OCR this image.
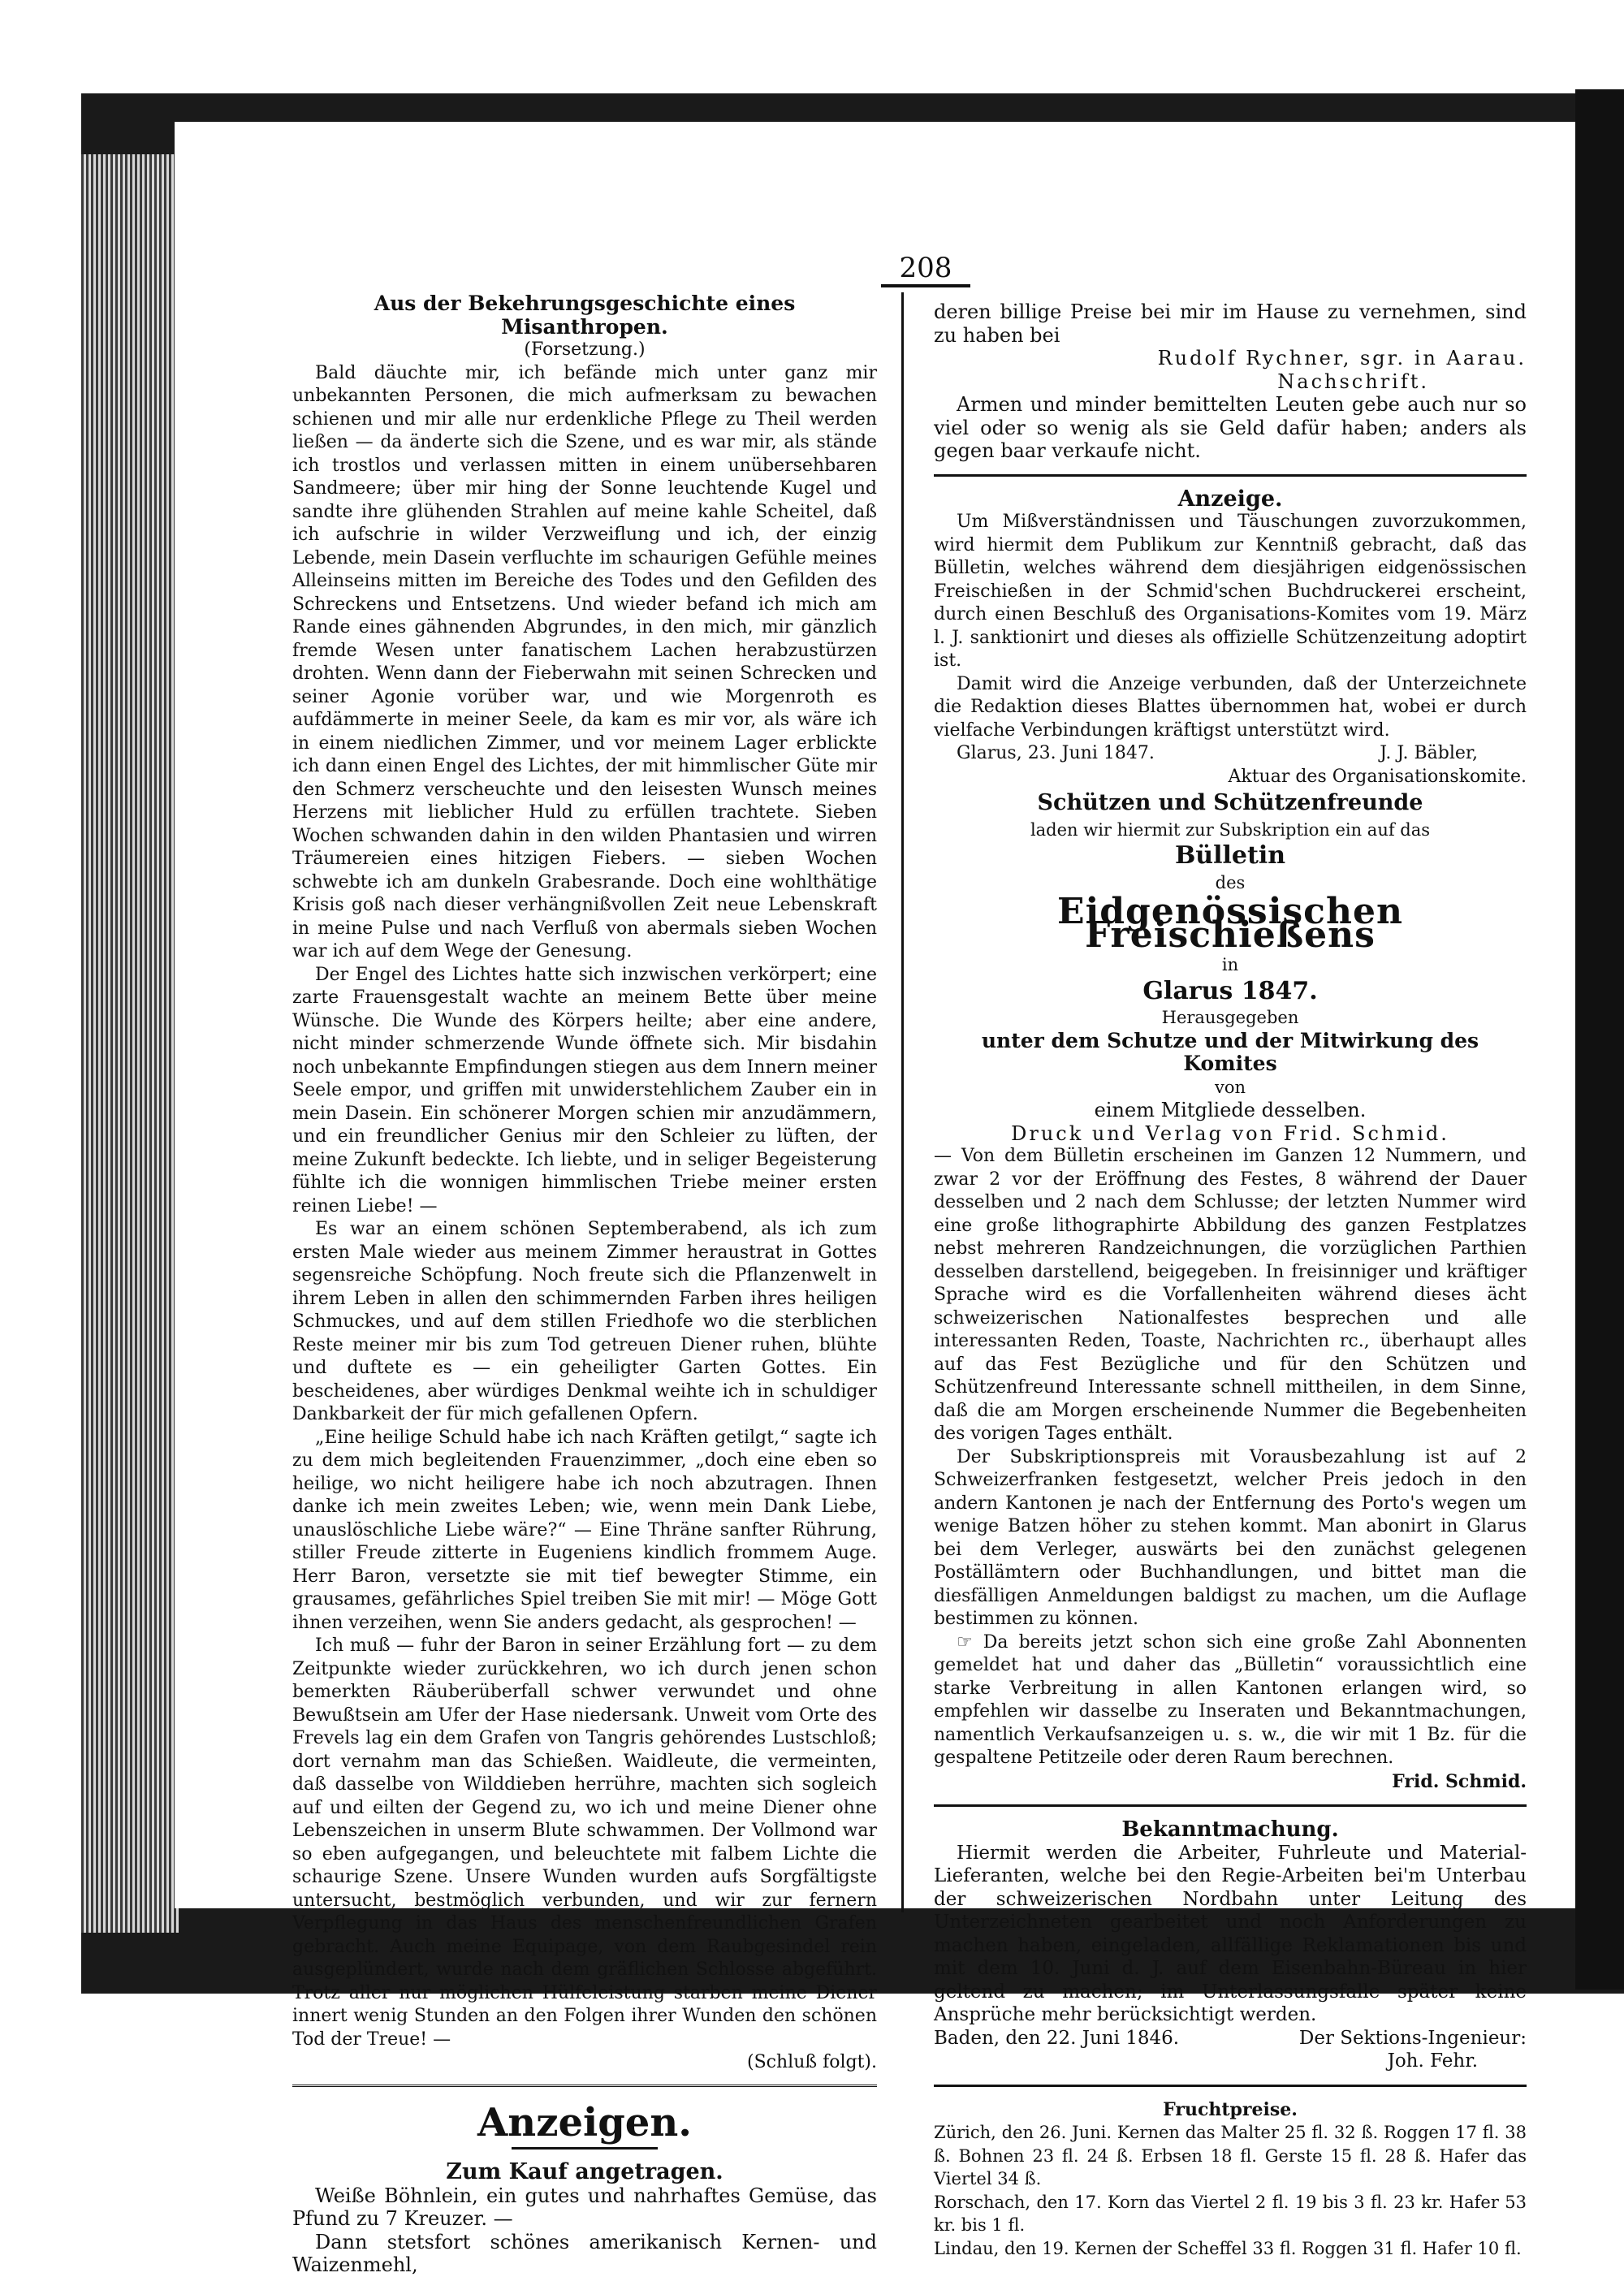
208

Aus der Bekehrungsgeschichte eines Misanthropen.

(Forsetzung.)

Bald däuchte mir, ich befände mich unter ganz mir unbekannten Personen, die mich aufmerksam zu bewachen schienen und mir alle nur erdenkliche Pflege zu Theil werden ließen — da änderte sich die Szene, und es war mir, als stände ich trostlos und verlassen mitten in einem unübersehbaren Sandmeere; über mir hing der Sonne leuchtende Kugel und sandte ihre glühenden Strahlen auf meine kahle Scheitel, daß ich aufschrie in wilder Verzweiflung und ich, der einzig Lebende, mein Dasein verfluchte im schaurigen Gefühle meines Alleinseins mitten im Bereiche des Todes und den Gefilden des Schreckens und Entsetzens. Und wieder befand ich mich am Rande eines gähnenden Abgrundes, in den mich, mir gänzlich fremde Wesen unter fanatischem Lachen herabzustürzen drohten. Wenn dann der Fieberwahn mit seinen Schrecken und seiner Agonie vorüber war, und wie Morgenroth es aufdämmerte in meiner Seele, da kam es mir vor, als wäre ich in einem niedlichen Zimmer, und vor meinem Lager erblickte ich dann einen Engel des Lichtes, der mit himmlischer Güte mir den Schmerz verscheuchte und den leisesten Wunsch meines Herzens mit lieblicher Huld zu erfüllen trachtete. Sieben Wochen schwanden dahin in den wilden Phantasien und wirren Träumereien eines hitzigen Fiebers. — sieben Wochen schwebte ich am dunkeln Grabesrande. Doch eine wohlthätige Krisis goß nach dieser verhängnißvollen Zeit neue Lebenskraft in meine Pulse und nach Verfluß von abermals sieben Wochen war ich auf dem Wege der Genesung.

Der Engel des Lichtes hatte sich inzwischen verkörpert; eine zarte Frauensgestalt wachte an meinem Bette über meine Wünsche. Die Wunde des Körpers heilte; aber eine andere, nicht minder schmerzende Wunde öffnete sich. Mir bisdahin noch unbekannte Empfindungen stiegen aus dem Innern meiner Seele empor, und griffen mit unwiderstehlichem Zauber ein in mein Dasein. Ein schönerer Morgen schien mir anzudämmern, und ein freundlicher Genius mir den Schleier zu lüften, der meine Zukunft bedeckte. Ich liebte, und in seliger Begeisterung fühlte ich die wonnigen himmlischen Triebe meiner ersten reinen Liebe! —

Es war an einem schönen Septemberabend, als ich zum ersten Male wieder aus meinem Zimmer heraustrat in Gottes segensreiche Schöpfung. Noch freute sich die Pflanzenwelt in ihrem Leben in allen den schimmernden Farben ihres heiligen Schmuckes, und auf dem stillen Friedhofe wo die sterblichen Reste meiner mir bis zum Tod getreuen Diener ruhen, blühte und duftete es — ein geheiligter Garten Gottes. Ein bescheidenes, aber würdiges Denkmal weihte ich in schuldiger Dankbarkeit der für mich gefallenen Opfern.

„Eine heilige Schuld habe ich nach Kräften getilgt,“ sagte ich zu dem mich begleitenden Frauenzimmer, „doch eine eben so heilige, wo nicht heiligere habe ich noch abzutragen. Ihnen danke ich mein zweites Leben; wie, wenn mein Dank Liebe, unauslöschliche Liebe wäre?“ — Eine Thräne sanfter Rührung, stiller Freude zitterte in Eugeniens kindlich frommem Auge. Herr Baron, versetzte sie mit tief bewegter Stimme, ein grausames, gefährliches Spiel treiben Sie mit mir! — Möge Gott ihnen verzeihen, wenn Sie anders gedacht, als gesprochen! —

Ich muß — fuhr der Baron in seiner Erzählung fort — zu dem Zeitpunkte wieder zurückkehren, wo ich durch jenen schon bemerkten Räuberüberfall schwer verwundet und ohne Bewußtsein am Ufer der Hase niedersank. Unweit vom Orte des Frevels lag ein dem Grafen von Tangris gehörendes Lustschloß; dort vernahm man das Schießen. Waidleute, die vermeinten, daß dasselbe von Wilddieben herrühre, machten sich sogleich auf und eilten der Gegend zu, wo ich und meine Diener ohne Lebenszeichen in unserm Blute schwammen. Der Vollmond war so eben aufgegangen, und beleuchtete mit falbem Lichte die schaurige Szene. Unsere Wunden wurden aufs Sorgfältigste untersucht, bestmöglich verbunden, und wir zur fernern Verpflegung in das Haus des menschenfreundlichen Grafen gebracht. Auch meine Equipage, von dem Raubgesindel rein ausgeplündert, wurde nach dem gräflichen Schlosse abgeführt. Trotz aller nur möglichen Hülfeleistung starben meine Diener innert wenig Stunden an den Folgen ihrer Wunden den schönen Tod der Treue! —

(Schluß folgt).

Anzeigen.

Zum Kauf angetragen.

Weiße Böhnlein, ein gutes und nahrhaftes Gemüse, das Pfund zu 7 Kreuzer. —

Dann stetsfort schönes amerikanisch Kernen- und Waizenmehl,

deren billige Preise bei mir im Hause zu vernehmen, sind zu haben bei

Rudolf Rychner, sgr. in Aarau.

Nachschrift.

Armen und minder bemittelten Leuten gebe auch nur so viel oder so wenig als sie Geld dafür haben; anders als gegen baar verkaufe nicht.

Anzeige.

Um Mißverständnissen und Täuschungen zuvorzukommen, wird hiermit dem Publikum zur Kenntniß gebracht, daß das Bülletin, welches während dem diesjährigen eidgenössischen Freischießen in der Schmid'schen Buchdruckerei erscheint, durch einen Beschluß des Organisations-Komites vom 19. März l. J. sanktionirt und dieses als offizielle Schützenzeitung adoptirt ist.

Damit wird die Anzeige verbunden, daß der Unterzeichnete die Redaktion dieses Blattes übernommen hat, wobei er durch vielfache Verbindungen kräftigst unterstützt wird.

Glarus, 23. Juni 1847.	J. J. Bäbler,

Aktuar des Organisationskomite.

Schützen und Schützenfreunde
laden wir hiermit zur Subskription ein auf das
Bülletin
des
Eidgenössischen Freischießens
in
Glarus 1847.
Herausgegeben
unter dem Schutze und der Mitwirkung des Komites
von
einem Mitgliede desselben.
Druck und Verlag von Frid. Schmid.

— Von dem Bülletin erscheinen im Ganzen 12 Nummern, und zwar 2 vor der Eröffnung des Festes, 8 während der Dauer desselben und 2 nach dem Schlusse; der letzten Nummer wird eine große lithographirte Abbildung des ganzen Festplatzes nebst mehreren Randzeichnungen, die vorzüglichen Parthien desselben darstellend, beigegeben. In freisinniger und kräftiger Sprache wird es die Vorfallenheiten während dieses ächt schweizerischen Nationalfestes besprechen und alle interessanten Reden, Toaste, Nachrichten rc., überhaupt alles auf das Fest Bezügliche und für den Schützen und Schützenfreund Interessante schnell mittheilen, in dem Sinne, daß die am Morgen erscheinende Nummer die Begebenheiten des vorigen Tages enthält.

Der Subskriptionspreis mit Vorausbezahlung ist auf 2 Schweizerfranken festgesetzt, welcher Preis jedoch in den andern Kantonen je nach der Entfernung des Porto's wegen um wenige Batzen höher zu stehen kommt. Man abonirt in Glarus bei dem Verleger, auswärts bei den zunächst gelegenen Poställämtern oder Buchhandlungen, und bittet man die diesfälligen Anmeldungen baldigst zu machen, um die Auflage bestimmen zu können.

☞ Da bereits jetzt schon sich eine große Zahl Abonnenten gemeldet hat und daher das „Bülletin“ voraussichtlich eine starke Verbreitung in allen Kantonen erlangen wird, so empfehlen wir dasselbe zu Inseraten und Bekanntmachungen, namentlich Verkaufsanzeigen u. s. w., die wir mit 1 Bz. für die gespaltene Petitzeile oder deren Raum berechnen.

Frid. Schmid.

Bekanntmachung.

Hiermit werden die Arbeiter, Fuhrleute und Material-Lieferanten, welche bei den Regie-Arbeiten bei'm Unterbau der schweizerischen Nordbahn unter Leitung des Unterzeichneten gearbeitet und noch Anforderungen zu machen haben, eingeladen, allfällige Reklamationen bis und mit dem 10. Juni d. J. auf dem Eisenbahn-Büreau in hier geltend zu machen; im Unterlassungsfalle später keine Ansprüche mehr berücksichtigt werden.

Baden, den 22. Juni 1846.	Der Sektions-Ingenieur:

Joh. Fehr.

Fruchtpreise.

Zürich, den 26. Juni. Kernen das Malter 25 fl. 32 ß. Roggen 17 fl. 38 ß. Bohnen 23 fl. 24 ß. Erbsen 18 fl. Gerste 15 fl. 28 ß. Hafer das Viertel 34 ß.

Rorschach, den 17. Korn das Viertel 2 fl. 19 bis 3 fl. 23 kr. Hafer 53 kr. bis 1 fl.

Lindau, den 19. Kernen der Scheffel 33 fl. Roggen 31 fl. Hafer 10 fl.
